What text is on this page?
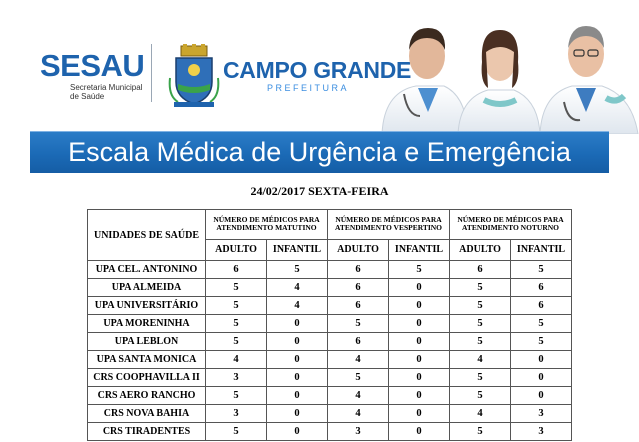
SESAU
Secretaria Municipal
de Saúde
CAMPO GRANDE
PREFEITURA
Escala Médica de Urgência e Emergência
24/02/2017 SEXTA-FEIRA
UNIDADES DE SAÚDE	NÚMERO DE MÉDICOS PARA ATENDIMENTO MATUTINO		NÚMERO DE MÉDICOS PARA ATENDIMENTO VESPERTINO		NÚMERO DE MÉDICOS PARA ATENDIMENTO NOTURNO	
	ADULTO	INFANTIL	ADULTO	INFANTIL	ADULTO	INFANTIL
UPA CEL. ANTONINO	6	5	6	5	6	5
UPA ALMEIDA	5	4	6	0	5	6
UPA UNIVERSITÁRIO	5	4	6	0	5	6
UPA MORENINHA	5	0	5	0	5	5
UPA LEBLON	5	0	6	0	5	5
UPA SANTA MONICA	4	0	4	0	4	0
CRS COOPHAVILLA II	3	0	5	0	5	0
CRS AERO RANCHO	5	0	4	0	5	0
CRS NOVA BAHIA	3	0	4	0	4	3
CRS TIRADENTES	5	0	3	0	5	3
